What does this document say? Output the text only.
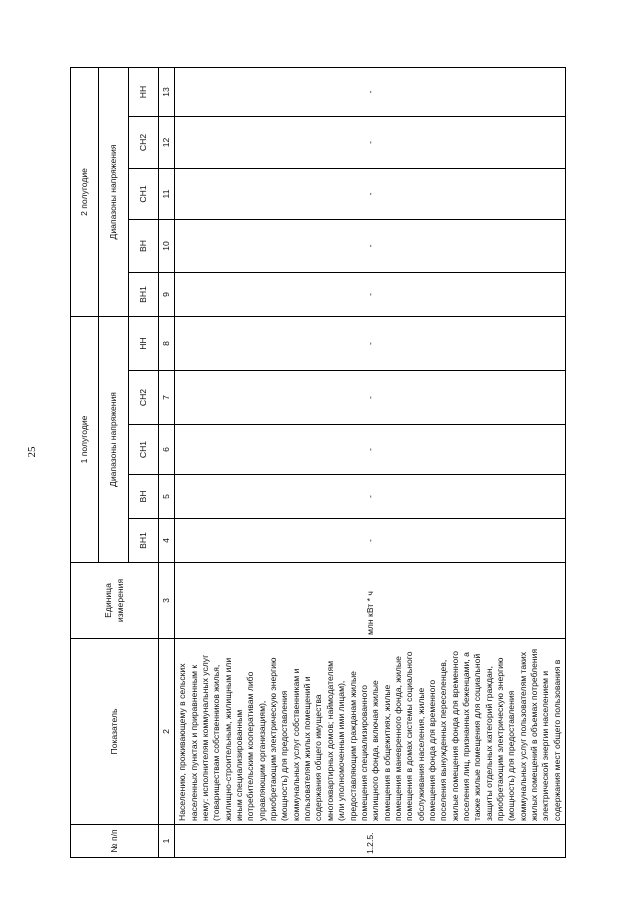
25
№ п/п	Показатель	Единица измерения	1 полугодие					2 полугодие				
			Диапазоны напряжения					Диапазоны напряжения				
			ВН1	ВН	СН1	СН2	НН	ВН1	ВН	СН1	СН2	НН
1	2	3	4	5	6	7	8	9	10	11	12	13
1.2.5.	Населению, проживающему в сельских населенных пунктах и приравненным к нему: исполнителям коммунальных услуг (товариществам собственников жилья, жилищно-строительным, жилищным или иным специализированным потребительским кооперативам либо управляющим организациям), приобретающим электрическую энергию (мощность) для предоставления коммунальных услуг собственникам и пользователям жилых помещений и содержания общего имущества многоквартирных домов; наймодателям (или уполномоченным ими лицам), предоставляющим гражданам жилые помещения специализированного жилищного фонда, включая жилые помещения в общежитиях, жилые помещения маневренного фонда, жилые помещения в домах системы социального обслуживания населения, жилые помещения фонда для временного поселения вынужденных переселенцев, жилые помещения фонда для временного поселения лиц, признанных беженцами, а также жилые помещения для социальной защиты отдельных категорий граждан, приобретающим электрическую энергию (мощность) для предоставления коммунальных услуг пользователям таких жилых помещений в объемах потребления электрической энергии населением и содержания мест общего пользования в	млн кВт * ч	-	-	-	-	-	-	-	-	-	-
